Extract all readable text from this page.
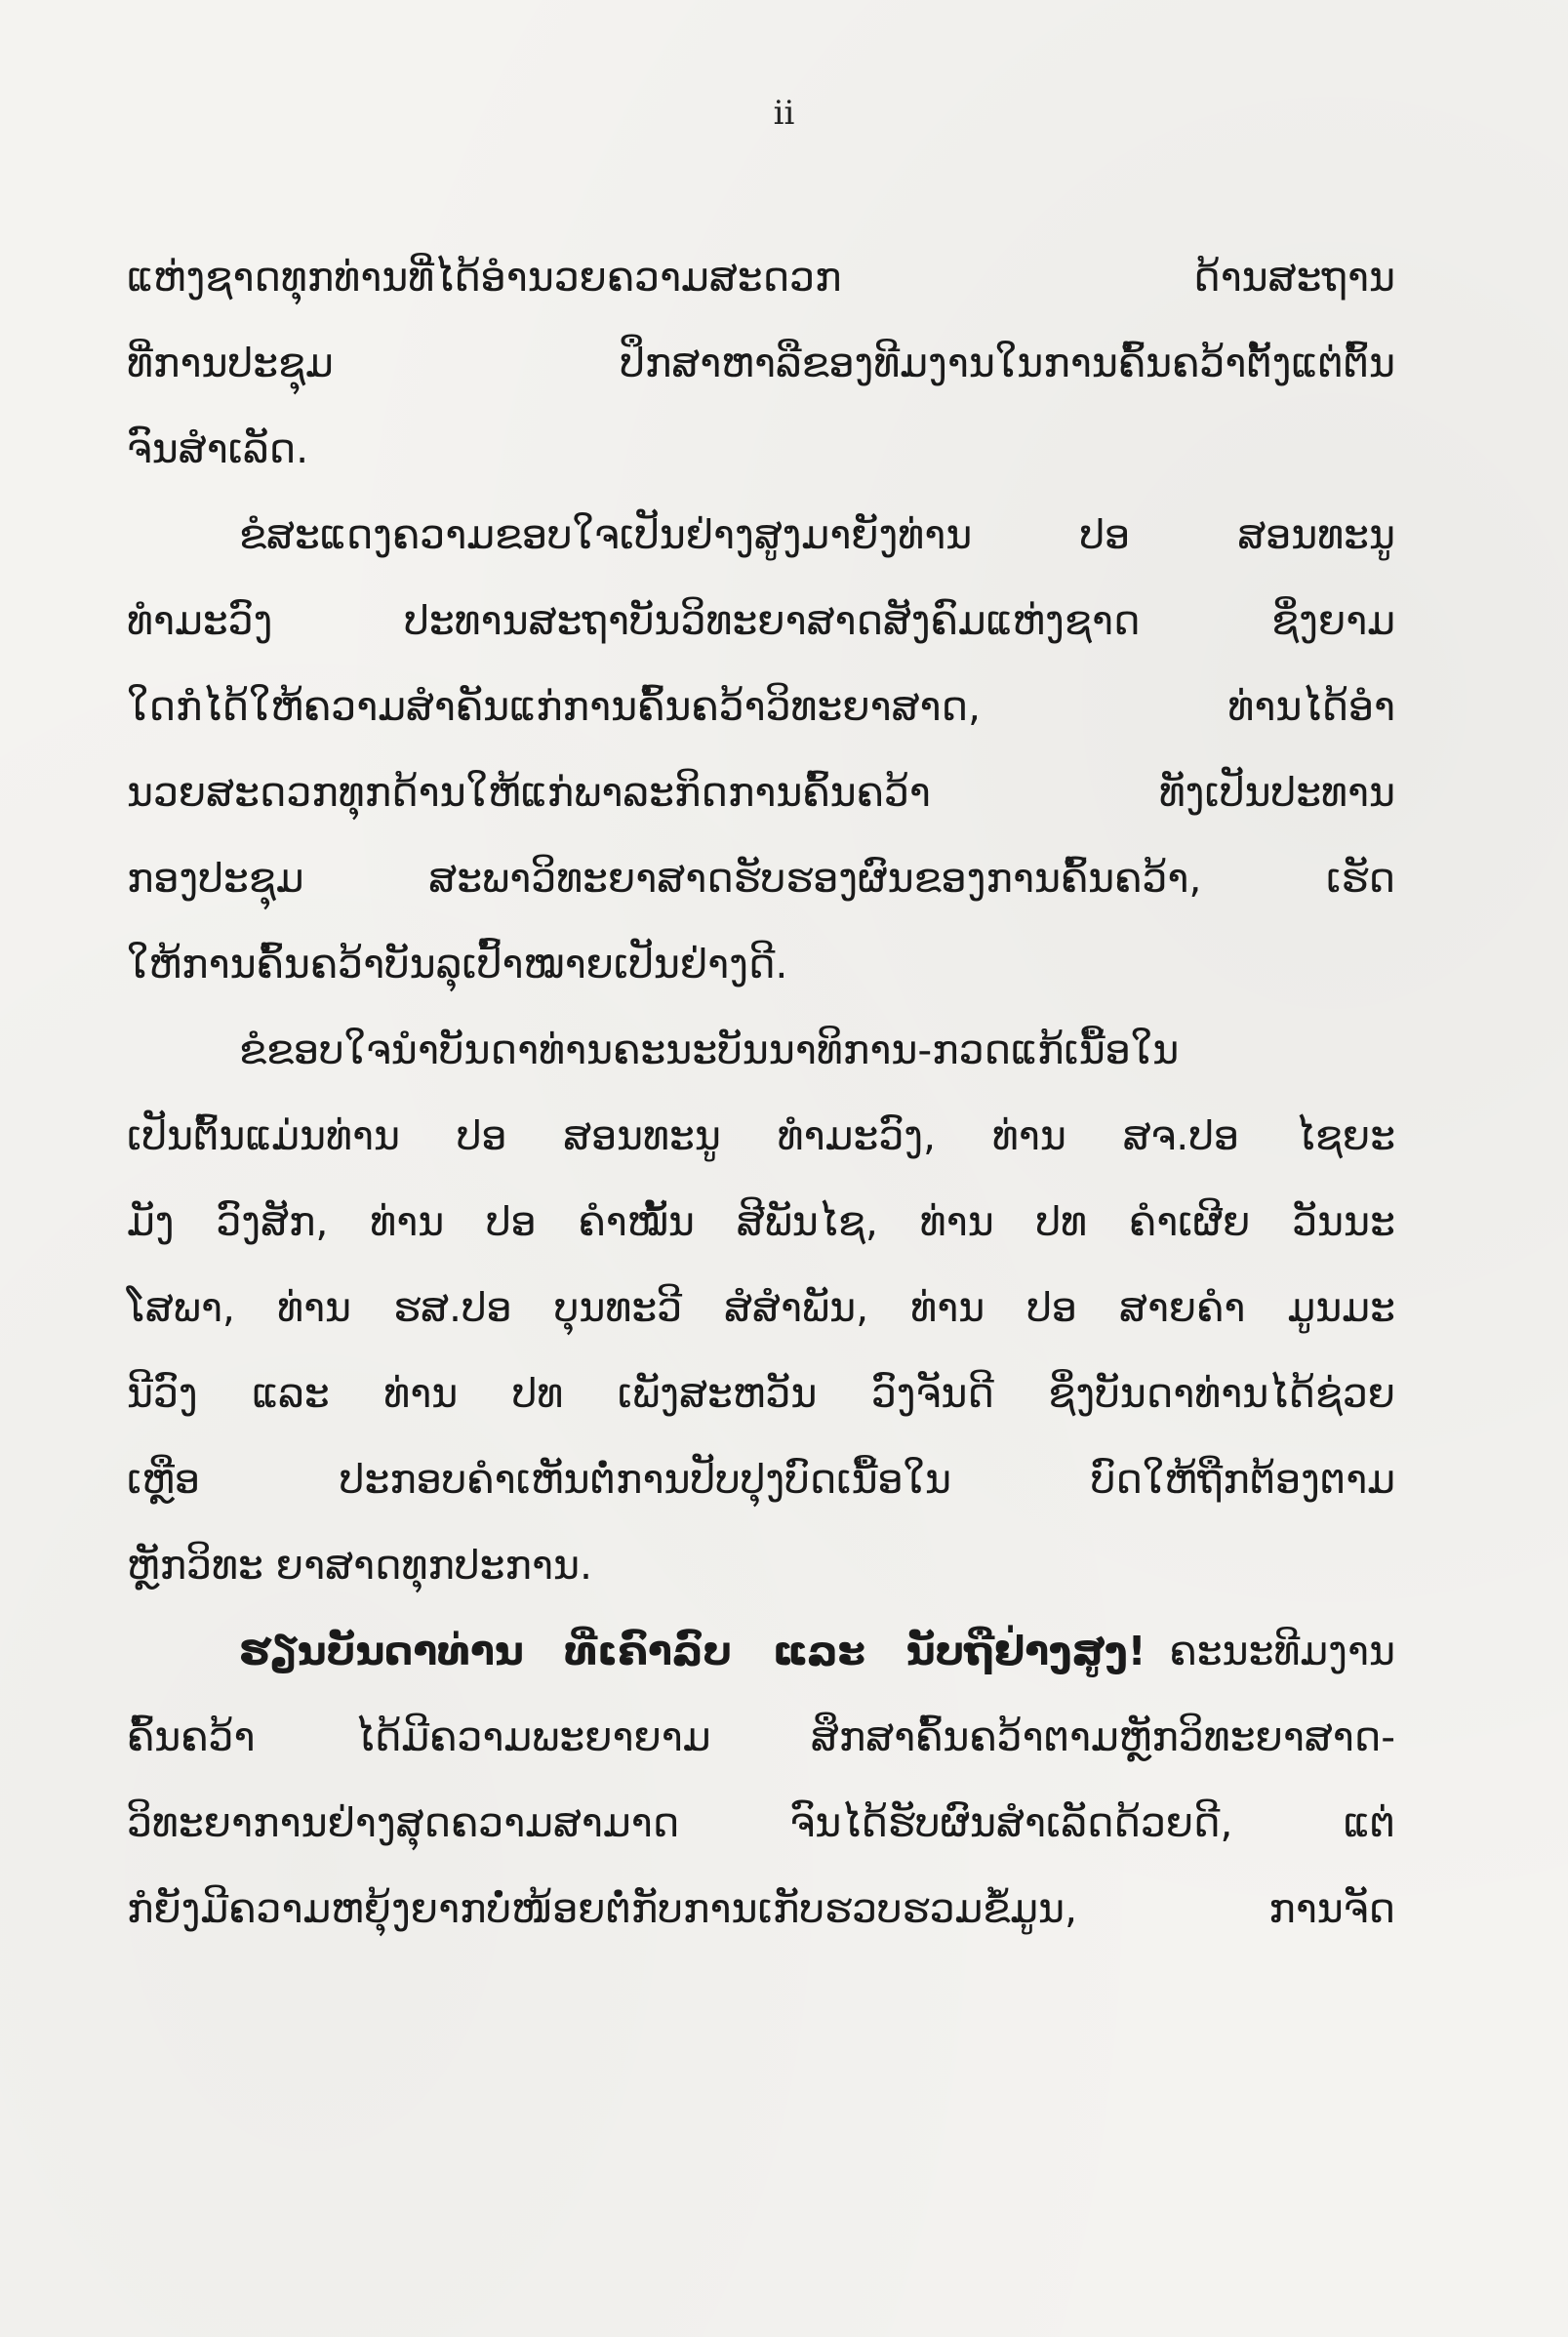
ii
ແຫ່ງຊາດທຸກທ່ານທີ່ໄດ້ອຳນວຍຄວາມສະດວກ ດ້ານສະຖານ
ທີ່ການປະຊຸມ ປຶກສາຫາລືຂອງທີມງານໃນການຄົ້ນຄວ້າຕັ້ງແຕ່ຕົ້ນ
ຈົນສຳເລັດ.
ຂໍສະແດງຄວາມຂອບໃຈເປັນຢ່າງສູງມາຍັງທ່ານ ປອ ສອນທະນູ
ທຳມະວົງ ປະທານສະຖາບັນວິທະຍາສາດສັງຄົມແຫ່ງຊາດ ຊຶ່ງຍາມ
ໃດກໍໄດ້ໃຫ້ຄວາມສຳຄັນແກ່ການຄົ້ນຄວ້າວິທະຍາສາດ, ທ່ານໄດ້ອຳ
ນວຍສະດວກທຸກດ້ານໃຫ້ແກ່ພາລະກິດການຄົ້ນຄວ້າ ທັງເປັນປະທານ
ກອງປະຊຸມ ສະພາວິທະຍາສາດຮັບຮອງຜົນຂອງການຄົ້ນຄວ້າ, ເຮັດ
ໃຫ້ການຄົ້ນຄວ້າບັນລຸເປົ້າໝາຍເປັນຢ່າງດີ.
ຂໍຂອບໃຈນຳບັນດາທ່ານຄະນະບັນນາທິການ-ກວດແກ້ເນື້ອໃນ
ເປັນຕົ້ນແມ່ນທ່ານ ປອ ສອນທະນູ ທຳມະວົງ, ທ່ານ ສຈ.ປອ ໄຊຍະ
ມັງ ວົງສັກ, ທ່ານ ປອ ຄຳໝັ້ນ ສີພັນໄຊ, ທ່ານ ປທ ຄຳເຜີຍ ວັນນະ
ໂສພາ, ທ່ານ ຮສ.ປອ ບຸນທະວີ ສໍສຳພັນ, ທ່ານ ປອ ສາຍຄຳ ມູນມະ
ນີວົງ ແລະ ທ່ານ ປທ ເພັງສະຫວັນ ວົງຈັນດີ ຊຶ່ງບັນດາທ່ານໄດ້ຊ່ວຍ
ເຫຼືອ ປະກອບຄຳເຫັນຕໍ່ການປັບປຸງບົດເນື້ອໃນ ບົດໃຫ້ຖືກຕ້ອງຕາມ
ຫຼັກວິທະ ຍາສາດທຸກປະການ.
ຮຽນບັນດາທ່ານ ທີ່ເຄົາລົບ ແລະ ນັບຖືຢ່າງສູງ! ຄະນະທີມງານ
ຄົ້ນຄວ້າ ໄດ້ມີຄວາມພະຍາຍາມ ສຶກສາຄົ້ນຄວ້າຕາມຫຼັກວິທະຍາສາດ-
ວິທະຍາການຢ່າງສຸດຄວາມສາມາດ ຈົນໄດ້ຮັບຜົນສຳເລັດດ້ວຍດີ, ແຕ່
ກໍຍັງມີຄວາມຫຍຸ້ງຍາກບໍ່ໜ້ອຍຕໍ່ກັບການເກັບຮວບຮວມຂໍ້ມູນ, ການຈັດ
